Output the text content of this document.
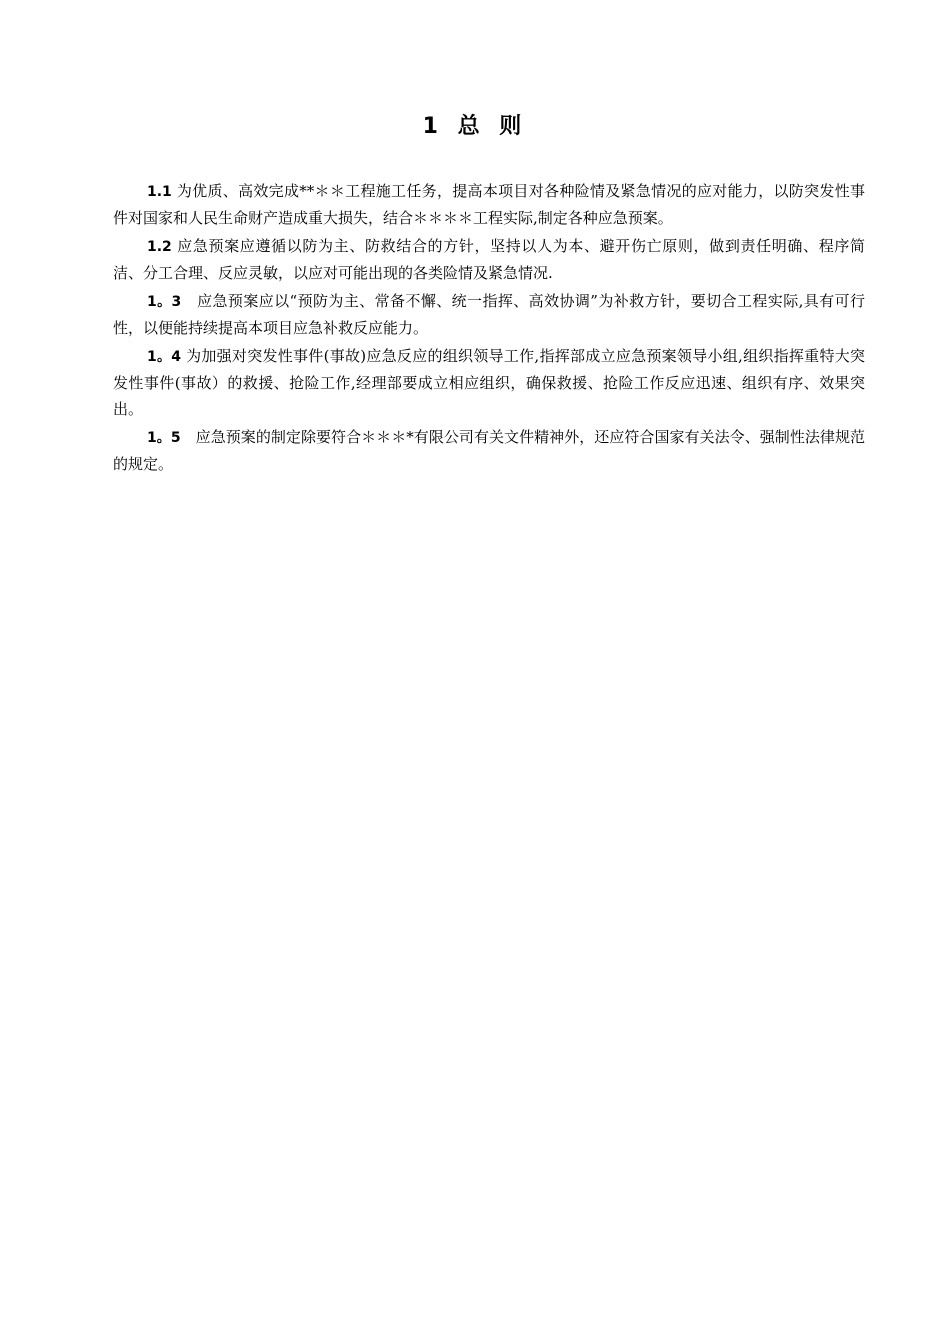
1 总 则

1.1 为优质、高效完成**＊＊工程施工任务，提高本项目对各种险情及紧急情况的应对能力，以防突发性事件对国家和人民生命财产造成重大损失，结合＊＊＊＊工程实际,制定各种应急预案。

1.2 应急预案应遵循以防为主、防救结合的方针，坚持以人为本、避开伤亡原则，做到责任明确、程序简洁、分工合理、反应灵敏，以应对可能出现的各类险情及紧急情况.

1。3　应急预案应以“预防为主、常备不懈、统一指挥、高效协调”为补救方针，要切合工程实际,具有可行性，以便能持续提高本项目应急补救反应能力。

1。4 为加强对突发性事件(事故)应急反应的组织领导工作,指挥部成立应急预案领导小组,组织指挥重特大突发性事件(事故）的救援、抢险工作,经理部要成立相应组织，确保救援、抢险工作反应迅速、组织有序、效果突出。

1。5　应急预案的制定除要符合＊＊＊*有限公司有关文件精神外，还应符合国家有关法令、强制性法律规范的规定。
